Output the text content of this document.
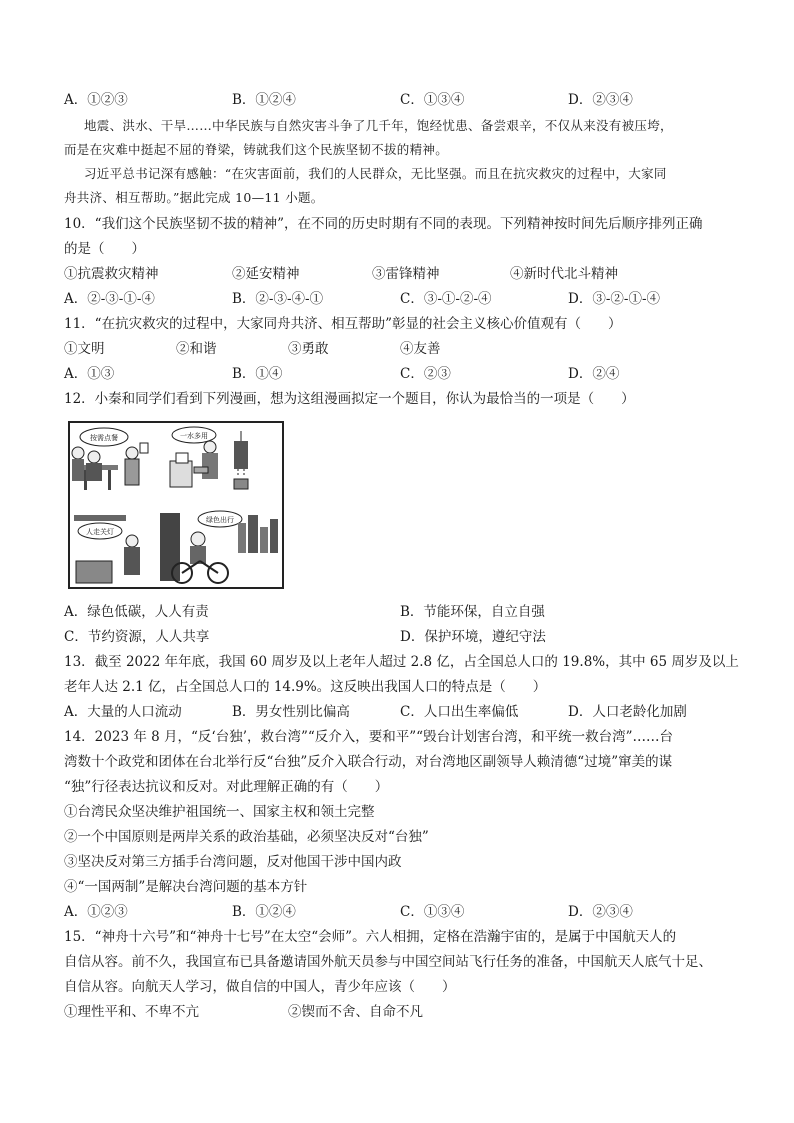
A．①②③	B．①②④	C．①③④	D．②③④
地震、洪水、干旱……中华民族与自然灾害斗争了几千年，饱经忧患、备尝艰辛，不仅从来没有被压垮，
而是在灾难中挺起不屈的脊梁，铸就我们这个民族坚韧不拔的精神。
习近平总书记深有感触：“在灾害面前，我们的人民群众，无比坚强。而且在抗灾救灾的过程中，大家同
舟共济、相互帮助。”据此完成 10—11 小题。
10．“我们这个民族坚韧不拔的精神”，在不同的历史时期有不同的表现。下列精神按时间先后顺序排列正确
的是（　　）
①抗震救灾精神	②延安精神	③雷锋精神	④新时代北斗精神
A．②-③-①-④	B．②-③-④-①	C．③-①-②-④	D．③-②-①-④
11．“在抗灾救灾的过程中，大家同舟共济、相互帮助”彰显的社会主义核心价值观有（　　）
①文明	②和谐	③勇敢	④友善
A．①③	B．①④	C．②③	D．②④
12．小秦和同学们看到下列漫画，想为这组漫画拟定一个题目，你认为最恰当的一项是（　　）
按需点餐	一水多用
人走关灯
绿色出行
A．绿色低碳，人人有责	B．节能环保，自立自强
C．节约资源，人人共享	D．保护环境，遵纪守法
13．截至 2022 年年底，我国 60 周岁及以上老年人超过 2.8 亿，占全国总人口的 19.8%，其中 65 周岁及以上
老年人达 2.1 亿，占全国总人口的 14.9%。这反映出我国人口的特点是（　　）
A．大量的人口流动	B．男女性别比偏高	C．人口出生率偏低	D．人口老龄化加剧
14．2023 年 8 月，“反‘台独’，救台湾”“反介入，要和平”“毁台计划害台湾，和平统一救台湾”……台
湾数十个政党和团体在台北举行反“台独”反介入联合行动，对台湾地区副领导人赖清德“过境”窜美的谋
“独”行径表达抗议和反对。对此理解正确的有（　　）
①台湾民众坚决维护祖国统一、国家主权和领土完整
②一个中国原则是两岸关系的政治基础，必须坚决反对“台独”
③坚决反对第三方插手台湾问题，反对他国干涉中国内政
④“一国两制”是解决台湾问题的基本方针
A．①②③	B．①②④	C．①③④	D．②③④
15．“神舟十六号”和“神舟十七号”在太空“会师”。六人相拥，定格在浩瀚宇宙的，是属于中国航天人的
自信从容。前不久，我国宣布已具备邀请国外航天员参与中国空间站飞行任务的准备，中国航天人底气十足、
自信从容。向航天人学习，做自信的中国人，青少年应该（　　）
①理性平和、不卑不亢	②锲而不舍、自命不凡
